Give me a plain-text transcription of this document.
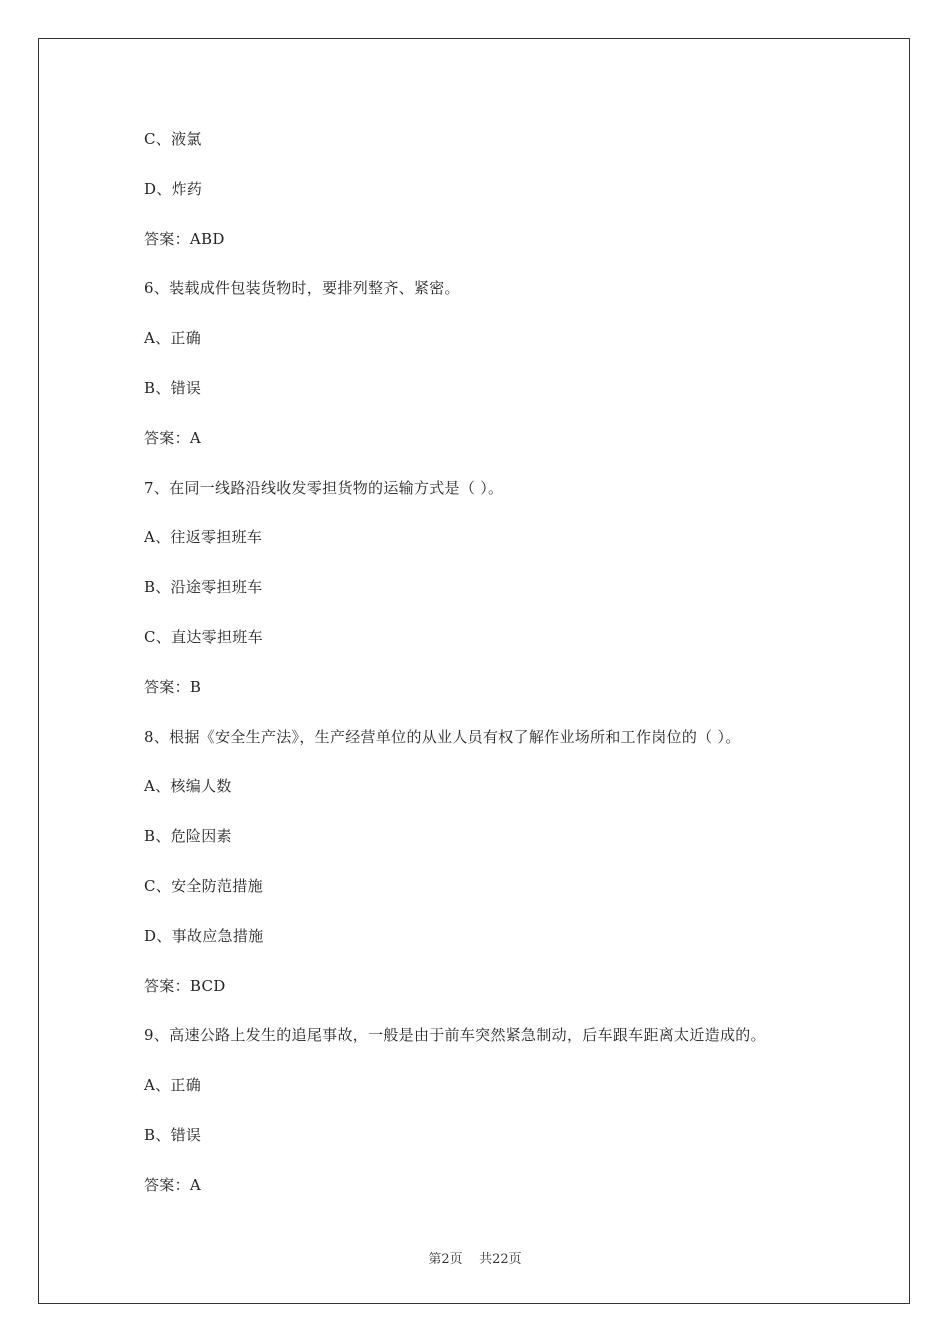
C、液氯
D、炸药
答案：ABD
6、装载成件包装货物时，要排列整齐、紧密。
A、正确
B、错误
答案：A
7、在同一线路沿线收发零担货物的运输方式是（ ）。
A、往返零担班车
B、沿途零担班车
C、直达零担班车
答案：B
8、根据《安全生产法》，生产经营单位的从业人员有权了解作业场所和工作岗位的（ ）。
A、核编人数
B、危险因素
C、安全防范措施
D、事故应急措施
答案：BCD
9、高速公路上发生的追尾事故，一般是由于前车突然紧急制动，后车跟车距离太近造成的。
A、正确
B、错误
答案：A
第2页 共22页
